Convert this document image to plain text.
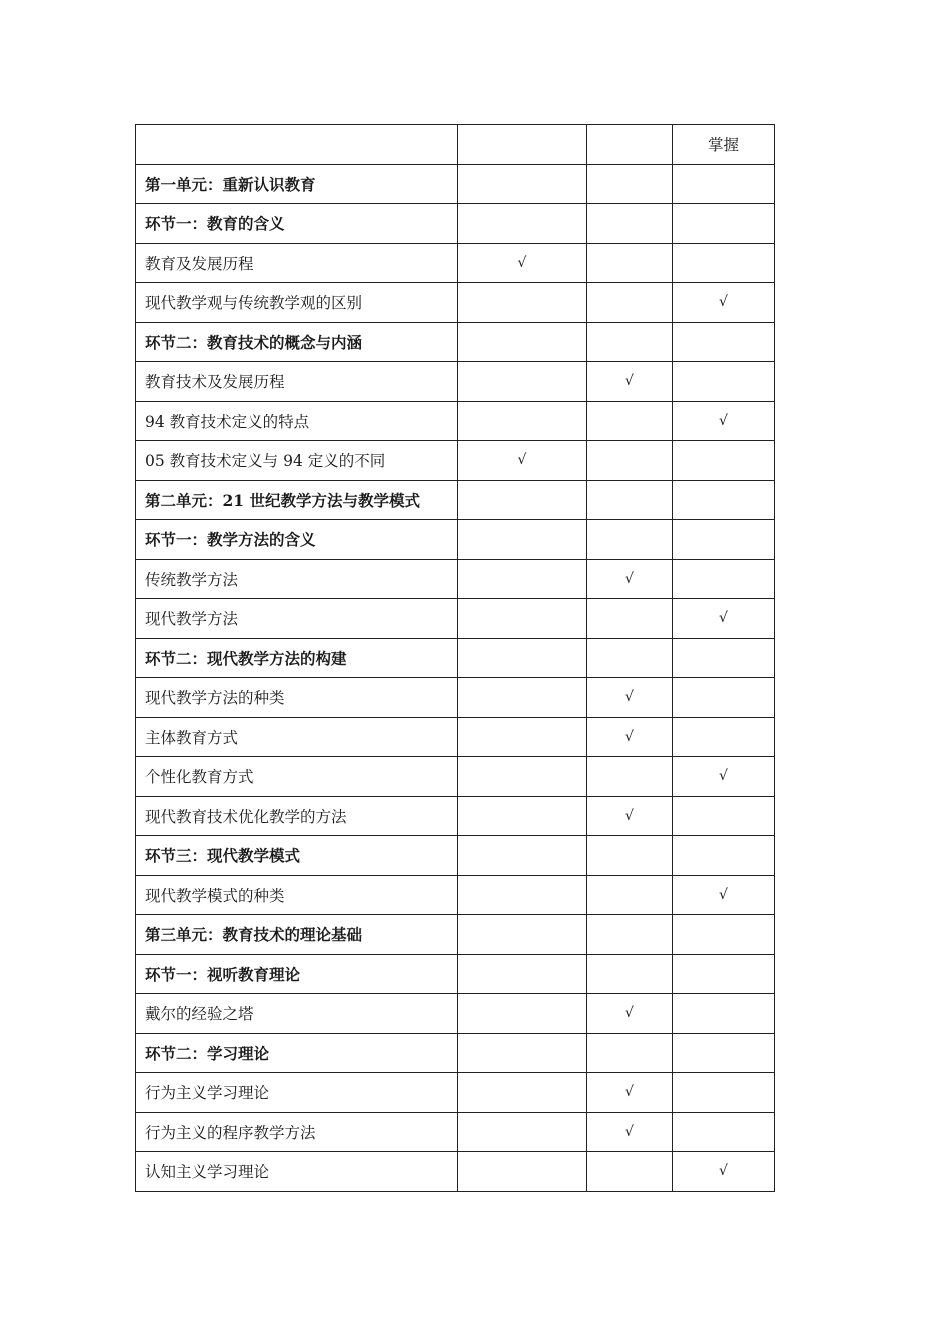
			掌握
第一单元：重新认识教育			
环节一：教育的含义			
教育及发展历程	√		
现代教学观与传统教学观的区别			√
环节二：教育技术的概念与内涵			
教育技术及发展历程		√	
94 教育技术定义的特点			√
05 教育技术定义与 94 定义的不同	√		
第二单元：21 世纪教学方法与教学模式			
环节一：教学方法的含义			
传统教学方法		√	
现代教学方法			√
环节二：现代教学方法的构建			
现代教学方法的种类		√	
主体教育方式		√	
个性化教育方式			√
现代教育技术优化教学的方法		√	
环节三：现代教学模式			
现代教学模式的种类			√
第三单元：教育技术的理论基础			
环节一：视听教育理论			
戴尔的经验之塔		√	
环节二：学习理论			
行为主义学习理论		√	
行为主义的程序教学方法		√	
认知主义学习理论			√
